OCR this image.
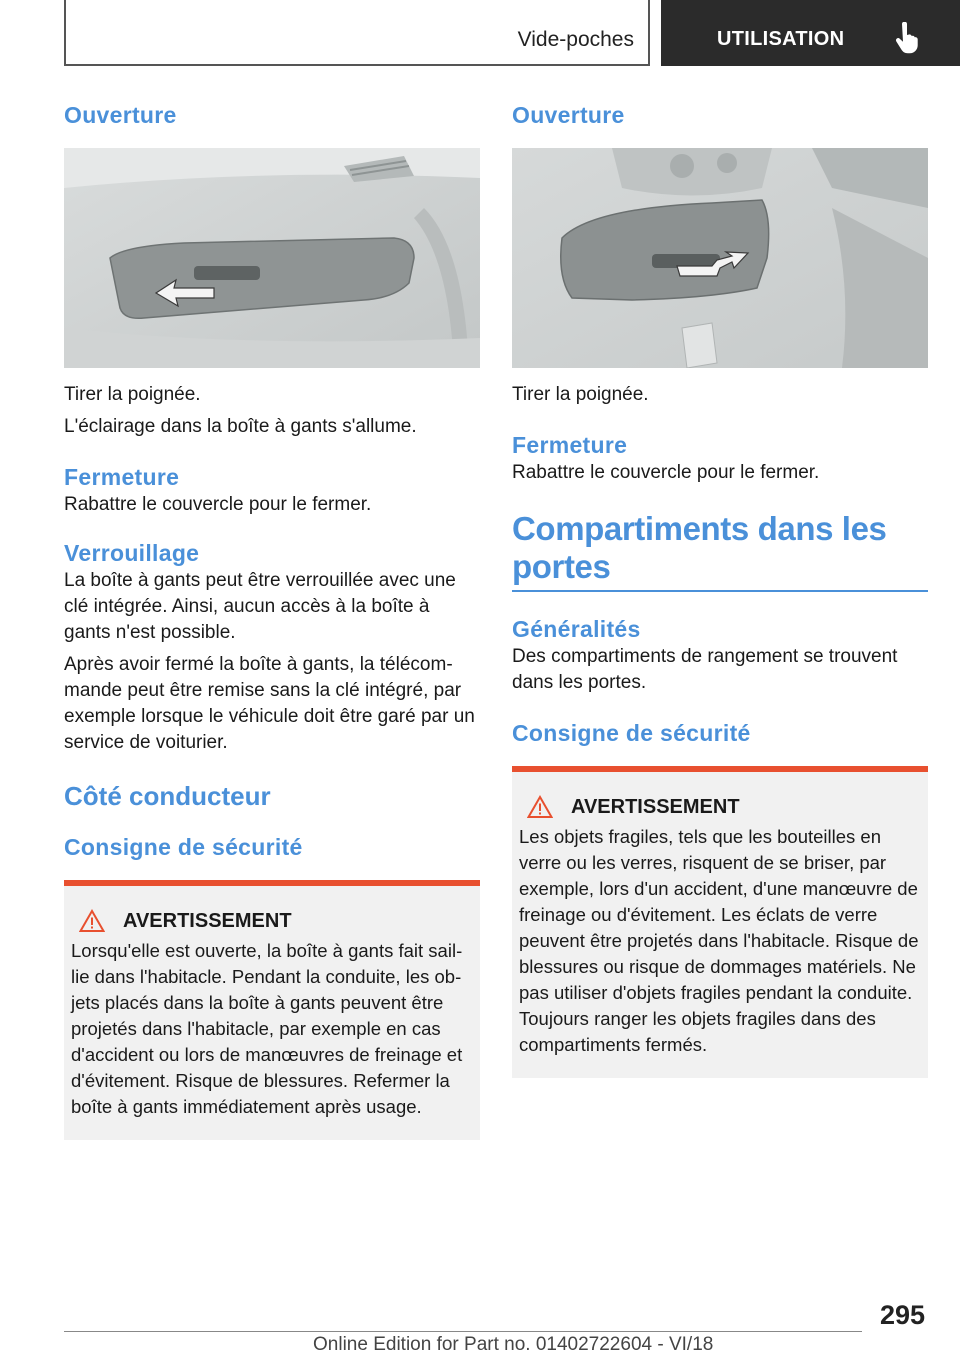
Vide-poches	UTILISATION
Ouverture
Tirer la poignée.
L'éclairage dans la boîte à gants s'allume.
Fermeture
Rabattre le couvercle pour le fermer.
Verrouillage
La boîte à gants peut être verrouillée avec une clé intégrée. Ainsi, aucun accès à la boîte à gants n'est possible.
Après avoir fermé la boîte à gants, la télécommande peut être remise sans la clé intégré, par exemple lorsque le véhicule doit être garé par un service de voiturier.
Côté conducteur
Consigne de sécurité
AVERTISSEMENT
Lorsqu'elle est ouverte, la boîte à gants fait saillie dans l'habitacle. Pendant la conduite, les objets placés dans la boîte à gants peuvent être projetés dans l'habitacle, par exemple en cas d'accident ou lors de manœuvres de freinage et d'évitement. Risque de blessures. Refermer la boîte à gants immédiatement après usage.
Ouverture
Tirer la poignée.
Fermeture
Rabattre le couvercle pour le fermer.
Compartiments dans les portes
Généralités
Des compartiments de rangement se trouvent dans les portes.
Consigne de sécurité
AVERTISSEMENT
Les objets fragiles, tels que les bouteilles en verre ou les verres, risquent de se briser, par exemple, lors d'un accident, d'une manœuvre de freinage ou d'évitement. Les éclats de verre peuvent être projetés dans l'habitacle. Risque de blessures ou risque de dommages matériels. Ne pas utiliser d'objets fragiles pendant la conduite. Toujours ranger les objets fragiles dans des compartiments fermés.
295
Online Edition for Part no. 01402722604 - VI/18
